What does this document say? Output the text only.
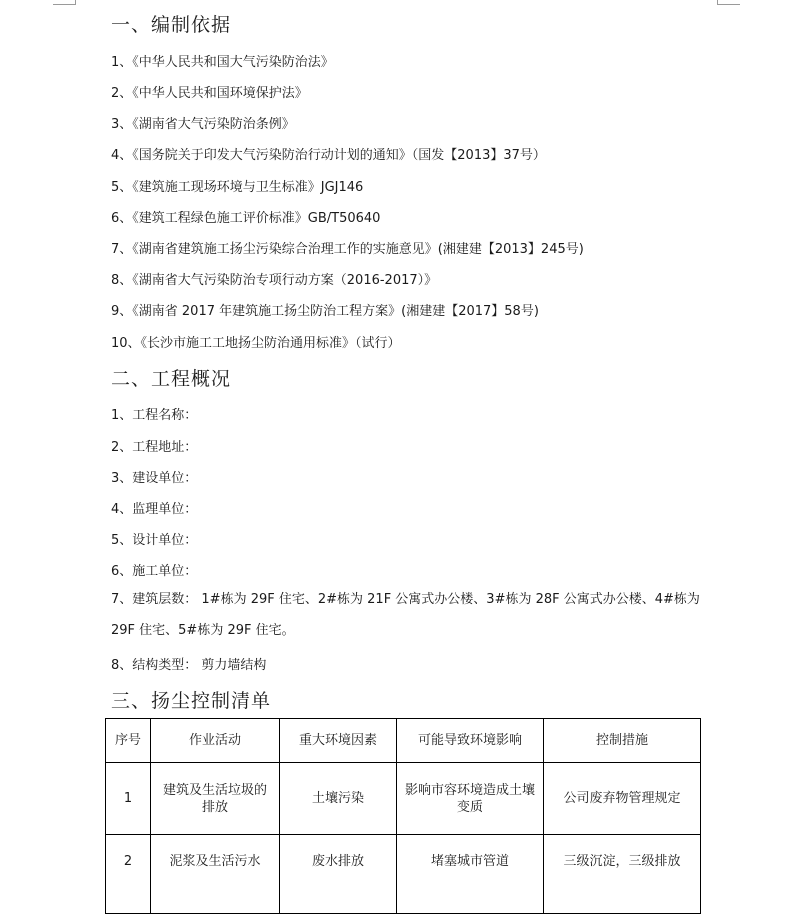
一、编制依据

1、《中华人民共和国大气污染防治法》

2、《中华人民共和国环境保护法》

3、《湖南省大气污染防治条例》

4、《国务院关于印发大气污染防治行动计划的通知》（国发【2013】37号）

5、《建筑施工现场环境与卫生标准》JGJ146

6、《建筑工程绿色施工评价标准》GB/T50640

7、《湖南省建筑施工扬尘污染综合治理工作的实施意见》(湘建建【2013】245号)

8、《湖南省大气污染防治专项行动方案（2016-2017）》

9、《湖南省 2017 年建筑施工扬尘防治工程方案》(湘建建【2017】58号)

10、《长沙市施工工地扬尘防治通用标准》（试行）

二、工程概况

1、工程名称：

2、工程地址：

3、建设单位：

4、监理单位：

5、设计单位：

6、施工单位：

7、建筑层数： 1#栋为 29F 住宅、2#栋为 21F 公寓式办公楼、3#栋为 28F 公寓式办公楼、4#栋为 29F 住宅、5#栋为 29F 住宅。

8、结构类型： 剪力墙结构

三、扬尘控制清单
序号	作业活动	重大环境因素	可能导致环境影响	控制措施
1	建筑及生活垃圾的排放	土壤污染	影响市容环境造成土壤变质	公司废弃物管理规定
2	泥浆及生活污水	废水排放	堵塞城市管道	三级沉淀，三级排放
